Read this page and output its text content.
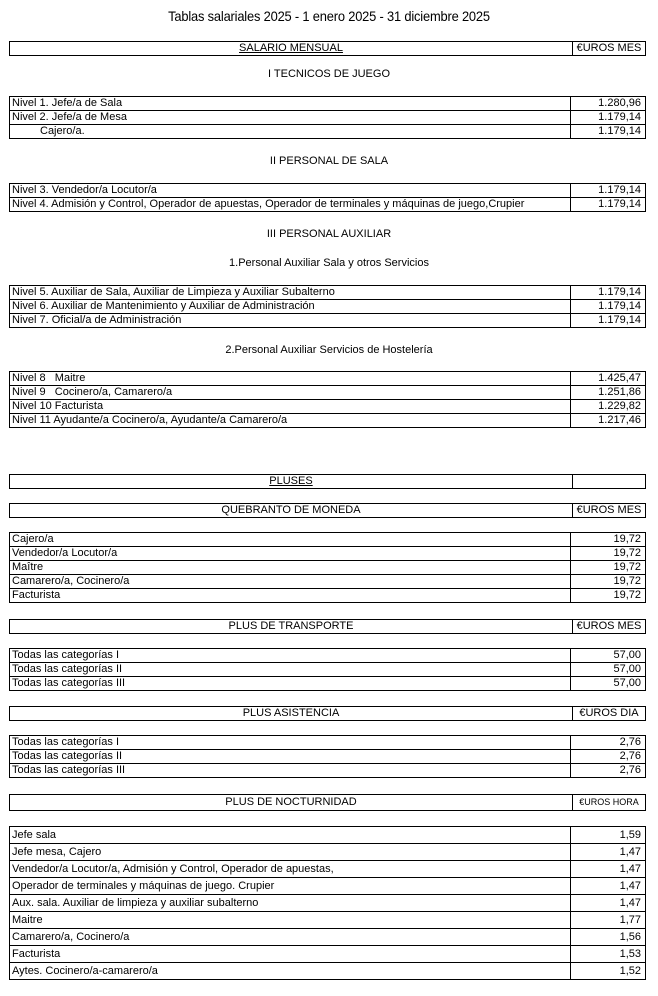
Tablas salariales 2025 - 1 enero 2025 - 31 diciembre 2025
SALARIO MENSUAL	€UROS MES
I TECNICOS DE JUEGO
Nivel 1. Jefe/a de Sala	1.280,96
Nivel 2. Jefe/a de Mesa	1.179,14
Cajero/a.	1.179,14
II PERSONAL DE SALA
Nivel 3. Vendedor/a Locutor/a	1.179,14
Nivel 4. Admisión y Control, Operador de apuestas, Operador de terminales y máquinas de juego,Crupier	1.179,14
III PERSONAL AUXILIAR
1.Personal Auxiliar Sala y otros Servicios
Nivel 5. Auxiliar de Sala, Auxiliar de Limpieza y Auxiliar Subalterno	1.179,14
Nivel 6. Auxiliar de Mantenimiento y Auxiliar de Administración	1.179,14
Nivel 7. Oficial/a de Administración	1.179,14
2.Personal Auxiliar Servicios de Hostelería
Nivel 8   Maitre	1.425,47
Nivel 9   Cocinero/a, Camarero/a	1.251,86
Nivel 10 Facturista	1.229,82
Nivel 11 Ayudante/a Cocinero/a, Ayudante/a Camarero/a	1.217,46
PLUSES
QUEBRANTO DE MONEDA	€UROS MES
Cajero/a	19,72
Vendedor/a Locutor/a	19,72
Maître	19,72
Camarero/a, Cocinero/a	19,72
Facturista	19,72
PLUS DE TRANSPORTE	€UROS MES
Todas las categorías I	57,00
Todas las categorías II	57,00
Todas las categorías III	57,00
PLUS ASISTENCIA	€UROS DIA
Todas las categorías I	2,76
Todas las categorías II	2,76
Todas las categorías III	2,76
PLUS DE NOCTURNIDAD	€UROS HORA
Jefe sala	1,59
Jefe mesa, Cajero	1,47
Vendedor/a Locutor/a, Admisión y Control, Operador de apuestas,	1,47
Operador de terminales y máquinas de juego. Crupier	1,47
Aux. sala. Auxiliar de limpieza y auxiliar subalterno	1,47
Maitre	1,77
Camarero/a, Cocinero/a	1,56
Facturista	1,53
Aytes. Cocinero/a-camarero/a	1,52
